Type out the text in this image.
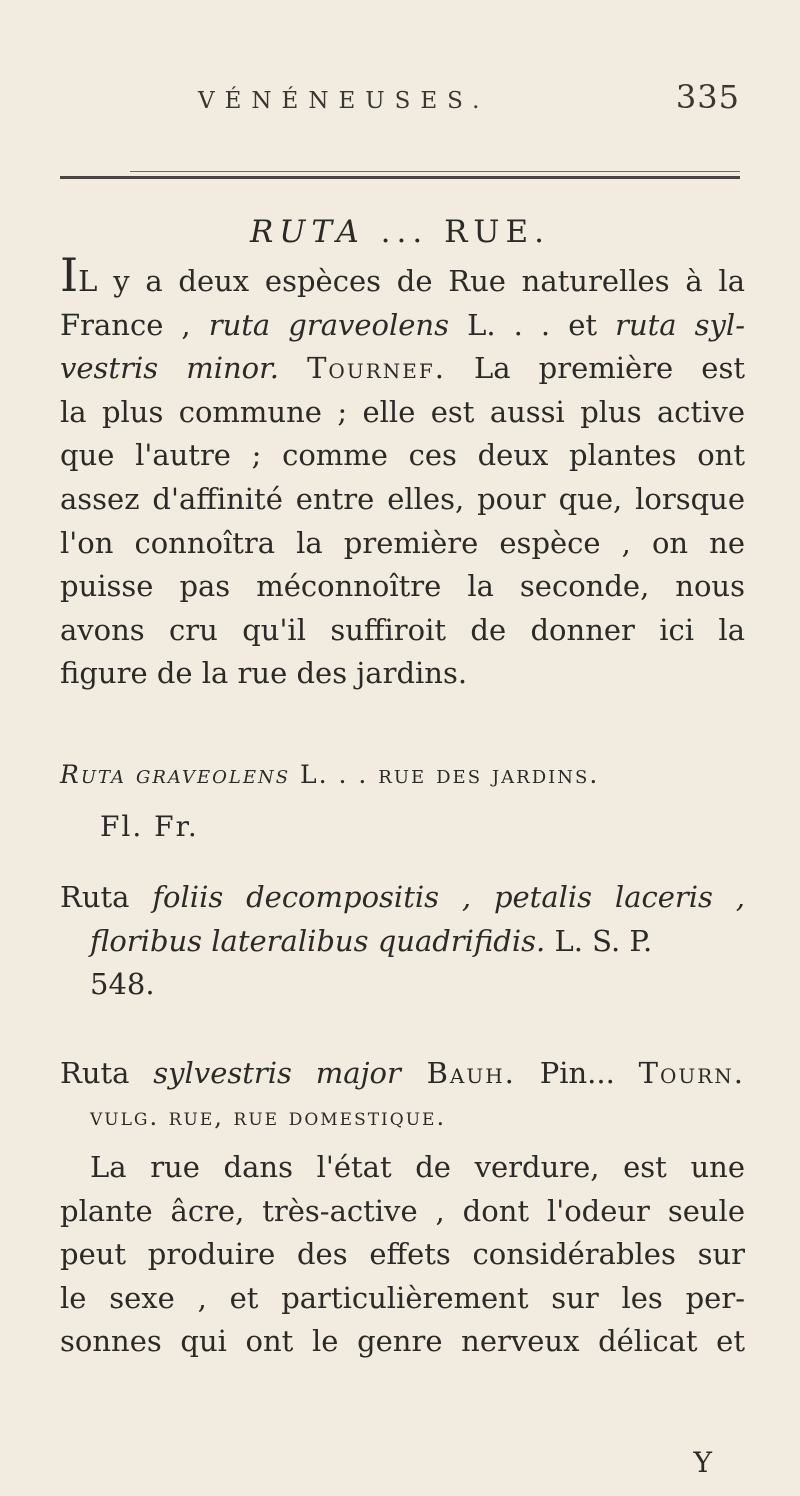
VÉNÉNEUSES.	335
RUTA ... RUE.
IL y a deux espèces de Rue naturelles à la
France , ruta graveolens L. . . et ruta syl-
vestris minor. Tournef. La première est
la plus commune ; elle est aussi plus active
que l'autre ; comme ces deux plantes ont
assez d'affinité entre elles, pour que, lorsque
l'on connoîtra la première espèce , on ne
puisse pas méconnoître la seconde, nous
avons cru qu'il suffiroit de donner ici la
figure de la rue des jardins.
Ruta graveolens L. . . rue des jardins.
Fl. Fr.
Ruta foliis decompositis , petalis laceris ,
floribus lateralibus quadrifidis. L. S. P.
548.
Ruta sylvestris major Bauh. Pin... Tourn.
vulg. rue, rue domestique.
La rue dans l'état de verdure, est une
plante âcre, très-active , dont l'odeur seule
peut produire des effets considérables sur
le sexe , et particulièrement sur les per-
sonnes qui ont le genre nerveux délicat et
Y
